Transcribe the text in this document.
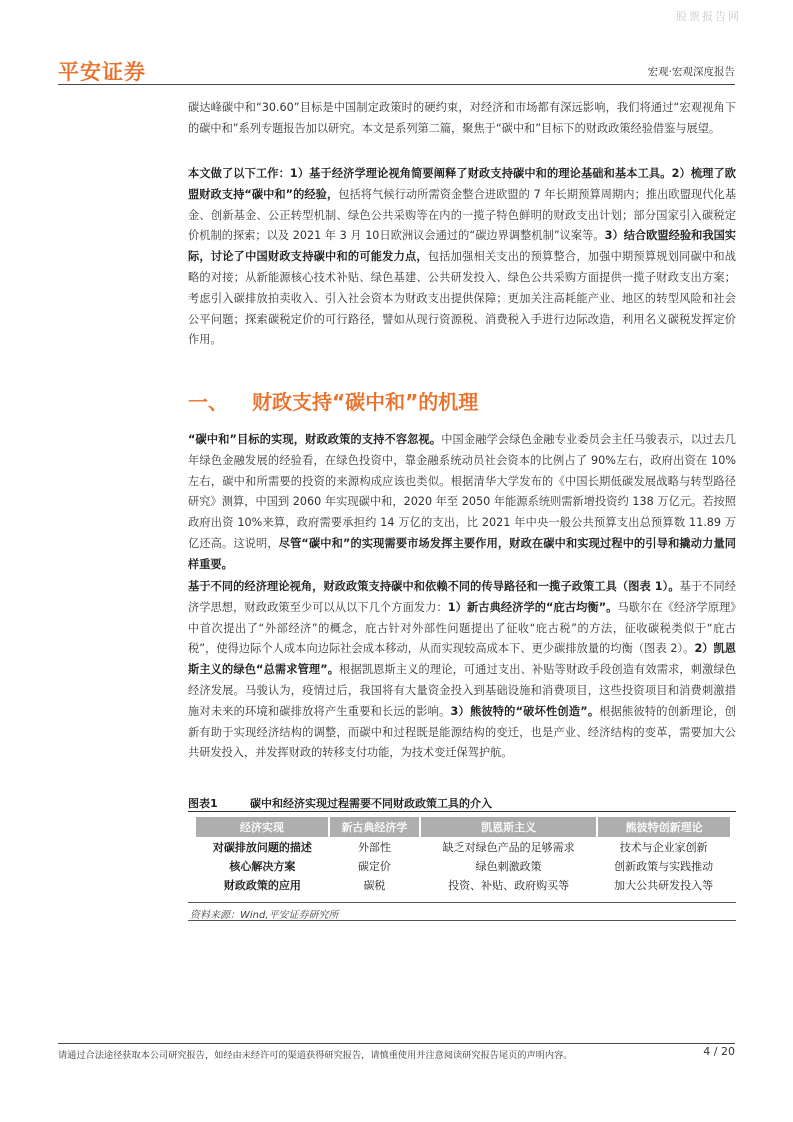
股票报告网
平安证券	宏观·宏观深度报告
碳达峰碳中和“30.60”目标是中国制定政策时的硬约束，对经济和市场都有深远影响，我们将通过“宏观视角下的碳中和”系列专题报告加以研究。本文是系列第二篇，聚焦于“碳中和”目标下的财政政策经验借鉴与展望。
本文做了以下工作：1）基于经济学理论视角简要阐释了财政支持碳中和的理论基础和基本工具。2）梳理了欧盟财政支持“碳中和”的经验，包括将气候行动所需资金整合进欧盟的 7 年长期预算周期内；推出欧盟现代化基金、创新基金、公正转型机制、绿色公共采购等在内的一揽子特色鲜明的财政支出计划；部分国家引入碳税定价机制的探索；以及 2021 年 3 月 10日欧洲议会通过的“碳边界调整机制”议案等。3）结合欧盟经验和我国实际，讨论了中国财政支持碳中和的可能发力点，包括加强相关支出的预算整合，加强中期预算规划同碳中和战略的对接；从新能源核心技术补贴、绿色基建、公共研发投入、绿色公共采购方面提供一揽子财政支出方案；考虑引入碳排放拍卖收入、引入社会资本为财政支出提供保障；更加关注高耗能产业、地区的转型风险和社会公平问题；探索碳税定价的可行路径，譬如从现行资源税、消费税入手进行边际改造，利用名义碳税发挥定价作用。
一、 财政支持“碳中和”的机理
“碳中和”目标的实现，财政政策的支持不容忽视。中国金融学会绿色金融专业委员会主任马骏表示，以过去几年绿色金融发展的经验看，在绿色投资中，靠金融系统动员社会资本的比例占了 90%左右，政府出资在 10%左右，碳中和所需要的投资的来源构成应该也类似。根据清华大学发布的《中国长期低碳发展战略与转型路径研究》测算，中国到 2060 年实现碳中和，2020 年至 2050 年能源系统则需新增投资约 138 万亿元。若按照政府出资 10%来算，政府需要承担约 14 万亿的支出，比 2021 年中央一般公共预算支出总预算数 11.89 万亿还高。这说明，尽管“碳中和”的实现需要市场发挥主要作用，财政在碳中和实现过程中的引导和撬动力量同样重要。
基于不同的经济理论视角，财政政策支持碳中和依赖不同的传导路径和一揽子政策工具（图表 1）。基于不同经济学思想，财政政策至少可以从以下几个方面发力：1）新古典经济学的“庇古均衡”。马歇尔在《经济学原理》中首次提出了“外部经济”的概念，庇古针对外部性问题提出了征收“庇古税”的方法，征收碳税类似于“庇古税”，使得边际个人成本向边际社会成本移动，从而实现较高成本下、更少碳排放量的均衡（图表 2）。2）凯恩斯主义的绿色“总需求管理”。根据凯恩斯主义的理论，可通过支出、补贴等财政手段创造有效需求，刺激绿色经济发展。马骏认为，疫情过后，我国将有大量资金投入到基础设施和消费项目，这些投资项目和消费刺激措施对未来的环境和碳排放将产生重要和长远的影响。3）熊彼特的“破坏性创造”。根据熊彼特的创新理论，创新有助于实现经济结构的调整，而碳中和过程既是能源结构的变迁，也是产业、经济结构的变革，需要加大公共研发投入，并发挥财政的转移支付功能，为技术变迁保驾护航。
图表1	碳中和经济实现过程需要不同财政政策工具的介入
经济实现	新古典经济学	凯恩斯主义	熊彼特创新理论
对碳排放问题的描述	外部性	缺乏对绿色产品的足够需求	技术与企业家创新
核心解决方案	碳定价	绿色刺激政策	创新政策与实践推动
财政政策的应用	碳税	投资、补贴、政府购买等	加大公共研发投入等
资料来源：Wind,平安证券研究所
请通过合法途径获取本公司研究报告，如经由未经许可的渠道获得研究报告，请慎重使用并注意阅读研究报告尾页的声明内容。	4 / 20
